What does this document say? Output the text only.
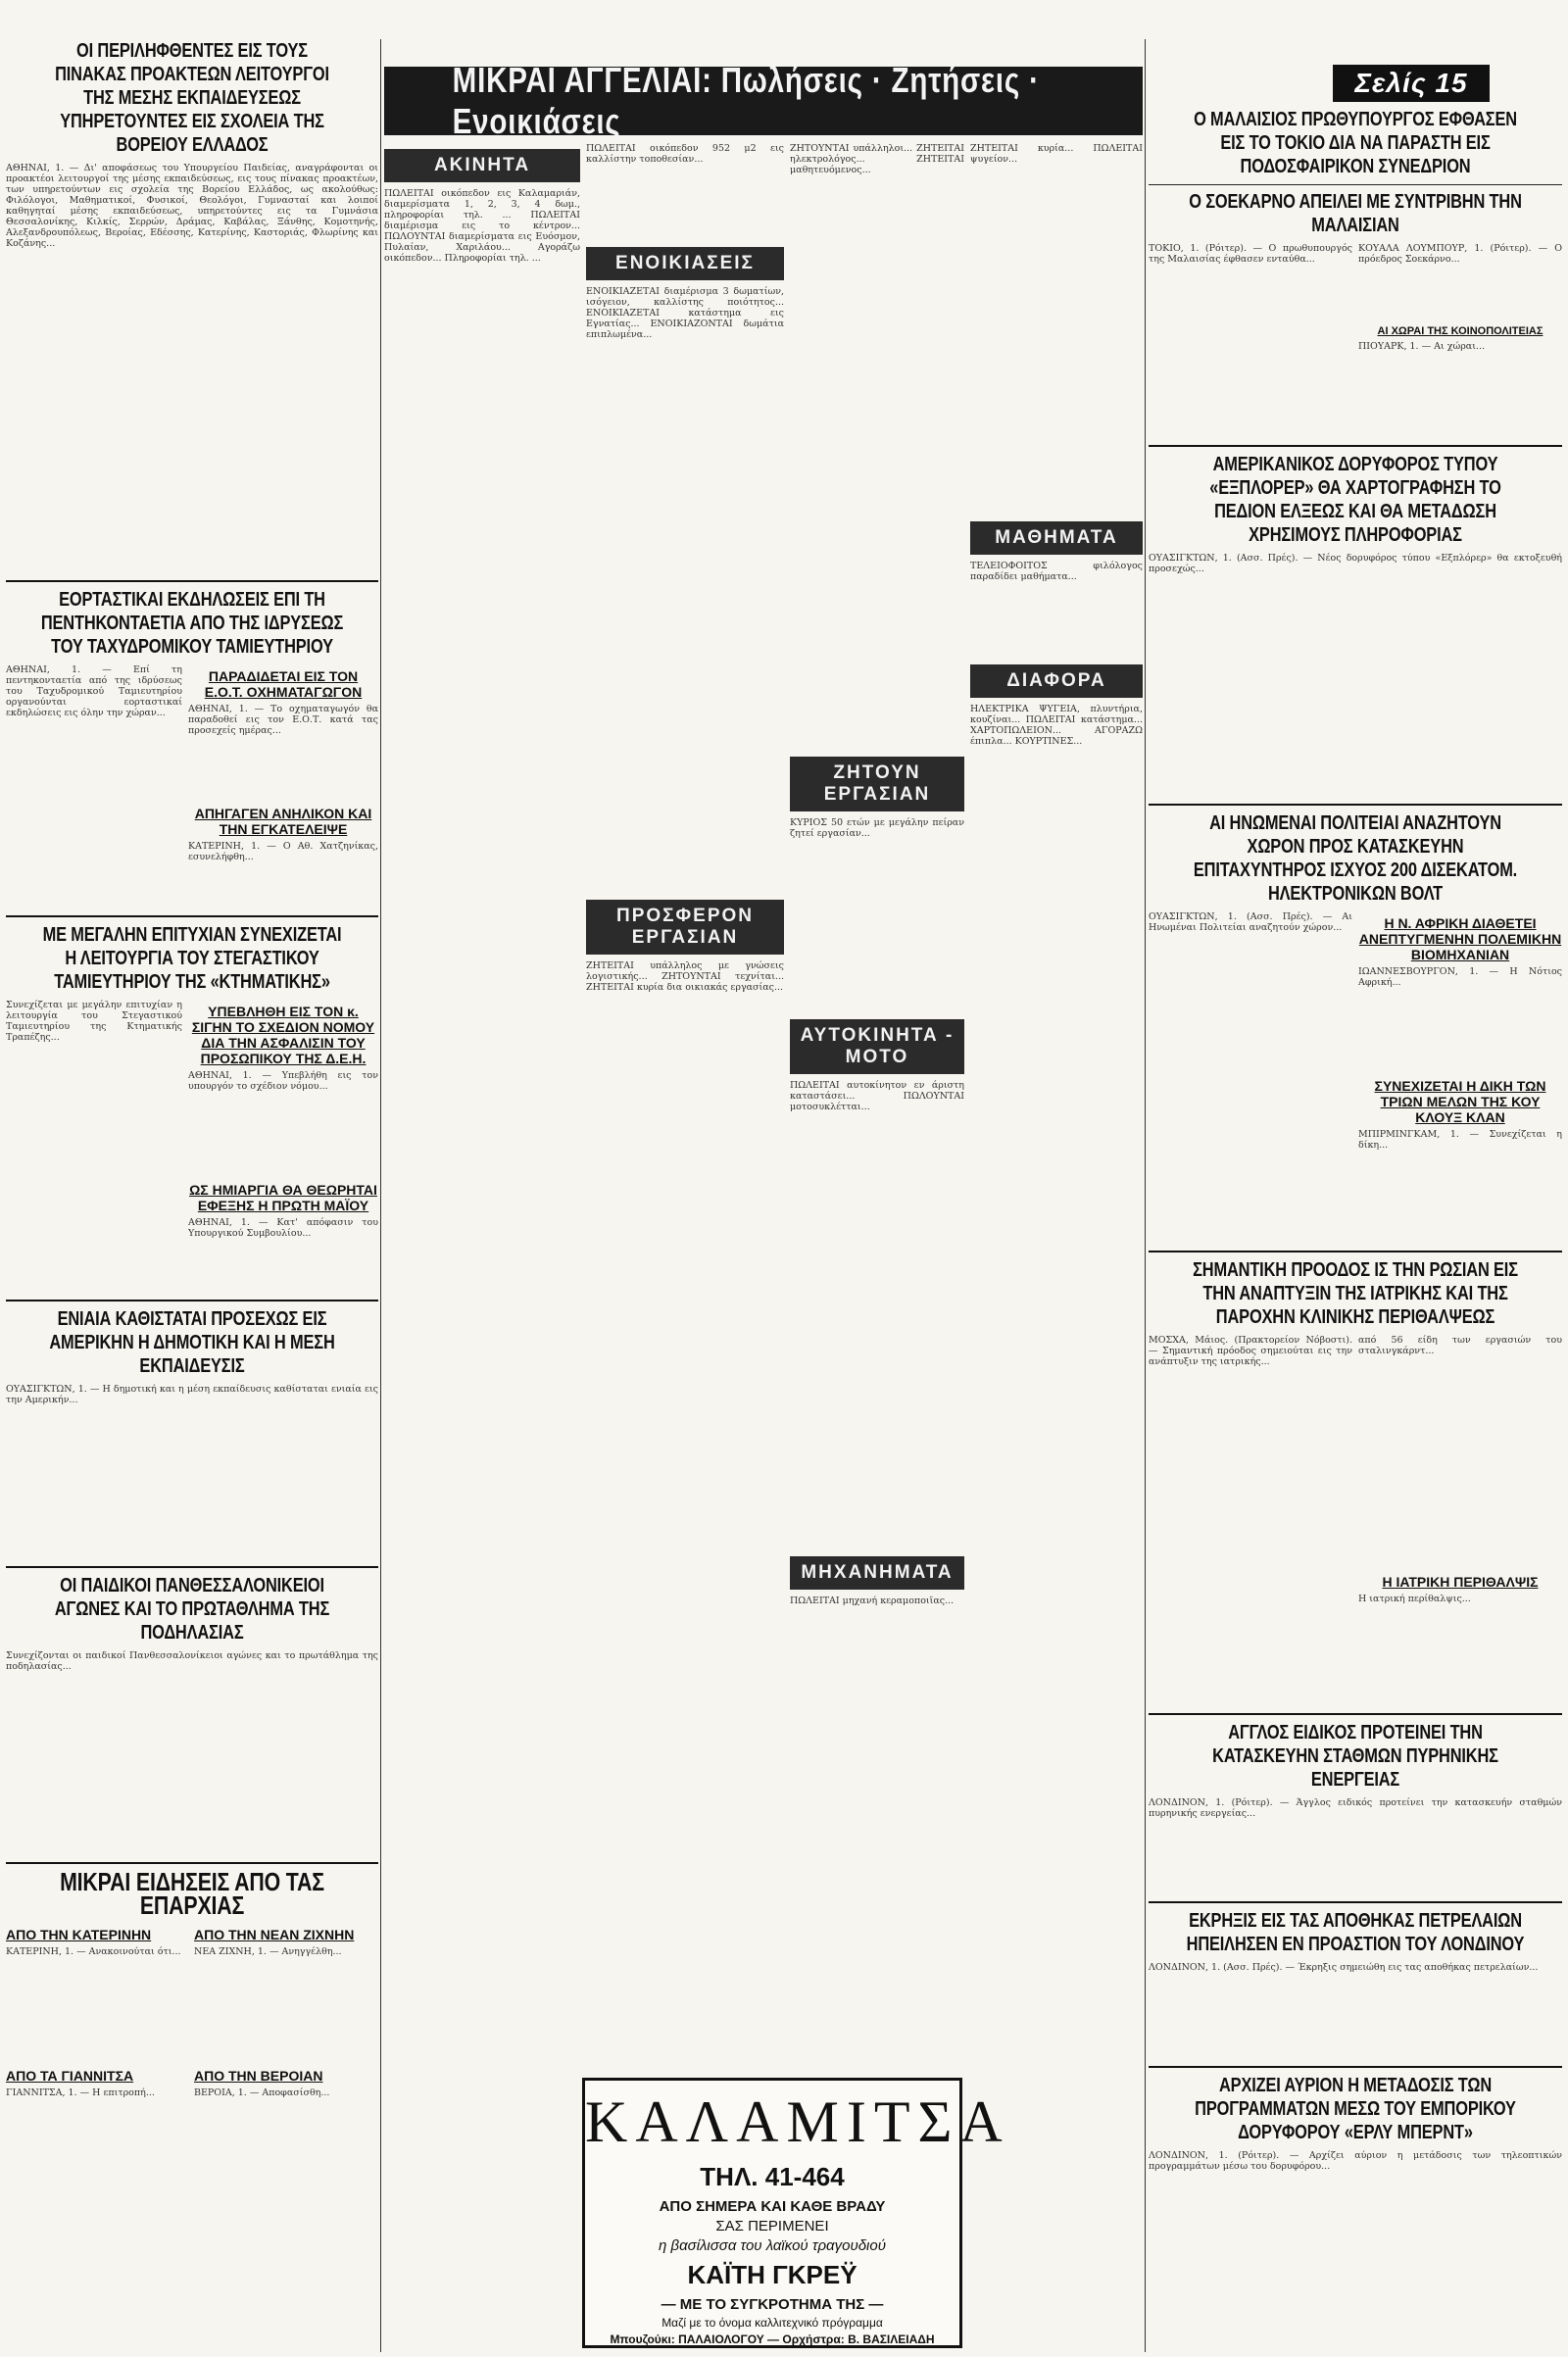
ΟΙ ΠΕΡΙΛΗΦΘΕΝΤΕΣ ΕΙΣ ΤΟΥΣ ΠΙΝΑΚΑΣ ΠΡΟΑΚΤΕΩΝ ΛΕΙΤΟΥΡΓΟΙ ΤΗΣ ΜΕΣΗΣ ΕΚΠΑΙΔΕΥΣΕΩΣ ΥΠΗΡΕΤΟΥΝΤΕΣ ΕΙΣ ΣΧΟΛΕΙΑ ΤΗΣ ΒΟΡΕΙΟΥ ΕΛΛΑΔΟΣ
ΑΘΗΝΑΙ, 1. — Δι' αποφάσεως του Υπουργείου Παιδείας, αναγράφονται οι προακτέοι λειτουργοί της μέσης εκπαιδεύσεως, εις τους πίνακας προακτέων, των υπηρετούντων εις σχολεία της Βορείου Ελλάδος, ως ακολούθως: Φιλόλογοι, Μαθηματικοί, Φυσικοί, Θεολόγοι, Γυμνασταί και λοιποί καθηγηταί μέσης εκπαιδεύσεως, υπηρετούντες εις τα Γυμνάσια Θεσσαλονίκης, Κιλκίς, Σερρών, Δράμας, Καβάλας, Ξάνθης, Κομοτηνής, Αλεξανδρουπόλεως, Βεροίας, Εδέσσης, Κατερίνης, Καστοριάς, Φλωρίνης και Κοζάνης...
ΕΟΡΤΑΣΤΙΚΑΙ ΕΚΔΗΛΩΣΕΙΣ ΕΠΙ ΤΗ ΠΕΝΤΗΚΟΝΤΑΕΤΙΑ ΑΠΟ ΤΗΣ ΙΔΡΥΣΕΩΣ ΤΟΥ ΤΑΧΥΔΡΟΜΙΚΟΥ ΤΑΜΙΕΥΤΗΡΙΟΥ
ΑΘΗΝΑΙ, 1. — Επί τη πεντηκονταετία από της ιδρύσεως του Ταχυδρομικού Ταμιευτηρίου οργανούνται εορταστικαί εκδηλώσεις εις όλην την χώραν...
ΠΑΡΑΔΙΔΕΤΑΙ ΕΙΣ ΤΟΝ Ε.Ο.Τ. ΟΧΗΜΑΤΑΓΩΓΟΝ
ΑΘΗΝΑΙ, 1. — Το οχηματαγωγόν θα παραδοθεί εις τον Ε.Ο.Τ. κατά τας προσεχείς ημέρας...
ΑΠΗΓΑΓΕΝ ΑΝΗΛΙΚΟΝ ΚΑΙ ΤΗΝ ΕΓΚΑΤΕΛΕΙΨΕ
ΚΑΤΕΡΙΝΗ, 1. — Ο Αθ. Χατζηνίκας, εσυνελήφθη...
ΜΕ ΜΕΓΑΛΗΝ ΕΠΙΤΥΧΙΑΝ ΣΥΝΕΧΙΖΕΤΑΙ Η ΛΕΙΤΟΥΡΓΙΑ ΤΟΥ ΣΤΕΓΑΣΤΙΚΟΥ ΤΑΜΙΕΥΤΗΡΙΟΥ ΤΗΣ «ΚΤΗΜΑΤΙΚΗΣ»
Συνεχίζεται με μεγάλην επιτυχίαν η λειτουργία του Στεγαστικού Ταμιευτηρίου της Κτηματικής Τραπέζης...
ΥΠΕΒΛΗΘΗ ΕΙΣ ΤΟΝ κ. ΣΙΓΗΝ ΤΟ ΣΧΕΔΙΟΝ ΝΟΜΟΥ ΔΙΑ ΤΗΝ ΑΣΦΑΛΙΣΙΝ ΤΟΥ ΠΡΟΣΩΠΙΚΟΥ ΤΗΣ Δ.Ε.Η.
ΑΘΗΝΑΙ, 1. — Υπεβλήθη εις τον υπουργόν το σχέδιον νόμου...
ΩΣ ΗΜΙΑΡΓΙΑ ΘΑ ΘΕΩΡΗΤΑΙ ΕΦΕΞΗΣ Η ΠΡΩΤΗ ΜΑΪΟΥ
ΑΘΗΝΑΙ, 1. — Κατ' απόφασιν του Υπουργικού Συμβουλίου...
ΕΝΙΑΙΑ ΚΑΘΙΣΤΑΤΑΙ ΠΡΟΣΕΧΩΣ ΕΙΣ ΑΜΕΡΙΚΗΝ Η ΔΗΜΟΤΙΚΗ ΚΑΙ Η ΜΕΣΗ ΕΚΠΑΙΔΕΥΣΙΣ
ΟΥΑΣΙΓΚΤΩΝ, 1. — Η δημοτική και η μέση εκπαίδευσις καθίσταται ενιαία εις την Αμερικήν...
ΟΙ ΠΑΙΔΙΚΟΙ ΠΑΝΘΕΣΣΑΛΟΝΙΚΕΙΟΙ ΑΓΩΝΕΣ ΚΑΙ ΤΟ ΠΡΩΤΑΘΛΗΜΑ ΤΗΣ ΠΟΔΗΛΑΣΙΑΣ
Συνεχίζονται οι παιδικοί Πανθεσσαλονίκειοι αγώνες και το πρωτάθλημα της ποδηλασίας...
ΜΙΚΡΑΙ ΕΙΔΗΣΕΙΣ ΑΠΟ ΤΑΣ ΕΠΑΡΧΙΑΣ
ΑΠΟ ΤΗΝ ΚΑΤΕΡΙΝΗΝ
ΚΑΤΕΡΙΝΗ, 1. — Ανακοινούται ότι...
ΑΠΟ ΤΑ ΓΙΑΝΝΙΤΣΑ
ΓΙΑΝΝΙΤΣΑ, 1. — Η επιτροπή...
ΑΠΟ ΤΗΝ ΝΕΑΝ ΖΙΧΝΗΝ
ΝΕΑ ΖΙΧΝΗ, 1. — Ανηγγέλθη...
ΑΠΟ ΤΗΝ ΒΕΡΟΙΑΝ
ΒΕΡΟΙΑ, 1. — Αποφασίσθη...
ΜΙΚΡΑΙ ΑΓΓΕΛΙΑΙ: Πωλήσεις · Ζητήσεις · Ενοικιάσεις
ΑΚΙΝΗΤΑ
ΠΩΛΕΙΤΑΙ οικόπεδον εις Καλαμαριάν, διαμερίσματα 1, 2, 3, 4 δωμ., πληροφορίαι τηλ. ... ΠΩΛΕΙΤΑΙ διαμέρισμα εις το κέντρον... ΠΩΛΟΥΝΤΑΙ διαμερίσματα εις Ευόσμον, Πυλαίαν, Χαριλάου... Αγοράζω οικόπεδον... Πληροφορίαι τηλ. ...
ΠΩΛΕΙΤΑΙ οικόπεδον 952 μ2 εις καλλίστην τοποθεσίαν...
ΕΝΟΙΚΙΑΣΕΙΣ
ΕΝΟΙΚΙΑΖΕΤΑΙ διαμέρισμα 3 δωματίων, ισόγειον, καλλίστης ποιότητος... ΕΝΟΙΚΙΑΖΕΤΑΙ κατάστημα εις Εγνατίας... ΕΝΟΙΚΙΑΖΟΝΤΑΙ δωμάτια επιπλωμένα...
ΠΡΟΣΦΕΡΟΝ ΕΡΓΑΣΙΑΝ
ΖΗΤΕΙΤΑΙ υπάλληλος με γνώσεις λογιστικής... ΖΗΤΟΥΝΤΑΙ τεχνίται... ΖΗΤΕΙΤΑΙ κυρία δια οικιακάς εργασίας...
ΖΗΤΟΥΝΤΑΙ υπάλληλοι... ΖΗΤΕΙΤΑΙ ηλεκτρολόγος... ΖΗΤΕΙΤΑΙ μαθητευόμενος...
ΖΗΤΟΥΝ ΕΡΓΑΣΙΑΝ
ΚΥΡΙΟΣ 50 ετών με μεγάλην πείραν ζητεί εργασίαν...
ΑΥΤΟΚΙΝΗΤΑ - ΜΟΤΟ
ΠΩΛΕΙΤΑΙ αυτοκίνητον εν άριστη καταστάσει... ΠΩΛΟΥΝΤΑΙ μοτοσυκλέτται...
ΜΗΧΑΝΗΜΑΤΑ
ΠΩΛΕΙΤΑΙ μηχανή κεραμοποιΐας...
ΖΗΤΕΙΤΑΙ κυρία... ΠΩΛΕΙΤΑΙ ψυγείον...
ΜΑΘΗΜΑΤΑ
ΤΕΛΕΙΟΦΟΙΤΟΣ φιλόλογος παραδίδει μαθήματα...
ΔΙΑΦΟΡΑ
ΗΛΕΚΤΡΙΚΑ ΨΥΓΕΙΑ, πλυντήρια, κουζίναι... ΠΩΛΕΙΤΑΙ κατάστημα... ΧΑΡΤΟΠΩΛΕΙΟΝ... ΑΓΟΡΑΖΩ έπιπλα... ΚΟΥΡΤΙΝΕΣ...
Ο ΜΑΛΑΙΣΙΟΣ ΠΡΩΘΥΠΟΥΡΓΟΣ ΕΦΘΑΣΕΝ ΕΙΣ ΤΟ ΤΟΚΙΟ ΔΙΑ ΝΑ ΠΑΡΑΣΤΗ ΕΙΣ ΠΟΔΟΣΦΑΙΡΙΚΟΝ ΣΥΝΕΔΡΙΟΝ
Ο ΣΟΕΚΑΡΝΟ ΑΠΕΙΛΕΙ ΜΕ ΣΥΝΤΡΙΒΗΝ ΤΗΝ ΜΑΛΑΙΣΙΑΝ
ΤΟΚΙΟ, 1. (Ρόιτερ). — Ο πρωθυπουργός της Μαλαισίας έφθασεν ενταύθα...
ΚΟΥΑΛΑ ΛΟΥΜΠΟΥΡ, 1. (Ρόιτερ). — Ο πρόεδρος Σοεκάρνο...
ΑΙ ΧΩΡΑΙ ΤΗΣ ΚΟΙΝΟΠΟΛΙΤΕΙΑΣ
ΠΙΟΥΑΡΚ, 1. — Αι χώραι...
ΑΜΕΡΙΚΑΝΙΚΟΣ ΔΟΡΥΦΟΡΟΣ ΤΥΠΟΥ «ΕΞΠΛΟΡΕΡ» ΘΑ ΧΑΡΤΟΓΡΑΦΗΣΗ ΤΟ ΠΕΔΙΟΝ ΕΛΞΕΩΣ ΚΑΙ ΘΑ ΜΕΤΑΔΩΣΗ ΧΡΗΣΙΜΟΥΣ ΠΛΗΡΟΦΟΡΙΑΣ
ΟΥΑΣΙΓΚΤΩΝ, 1. (Ασσ. Πρές). — Νέος δορυφόρος τύπου «Εξπλόρερ» θα εκτοξευθή προσεχώς...
ΑΙ ΗΝΩΜΕΝΑΙ ΠΟΛΙΤΕΙΑΙ ΑΝΑΖΗΤΟΥΝ ΧΩΡΟΝ ΠΡΟΣ ΚΑΤΑΣΚΕΥΗΝ ΕΠΙΤΑΧΥΝΤΗΡΟΣ ΙΣΧΥΟΣ 200 ΔΙΣΕΚΑΤΟΜ. ΗΛΕΚΤΡΟΝΙΚΩΝ ΒΟΛΤ
ΟΥΑΣΙΓΚΤΩΝ, 1. (Ασσ. Πρές). — Αι Ηνωμέναι Πολιτείαι αναζητούν χώρον...	Η Ν. ΑΦΡΙΚΗ ΔΙΑΘΕΤΕΙ ΑΝΕΠΤΥΓΜΕΝΗΝ ΠΟΛΕΜΙΚΗΝ ΒΙΟΜΗΧΑΝΙΑΝ
ΙΩΑΝΝΕΣΒΟΥΡΓΟΝ, 1. — Η Νότιος Αφρική...
ΣΥΝΕΧΙΖΕΤΑΙ Η ΔΙΚΗ ΤΩΝ ΤΡΙΩΝ ΜΕΛΩΝ ΤΗΣ ΚΟΥ ΚΛΟΥΞ ΚΛΑΝ
ΜΠΙΡΜΙΝΓΚΑΜ, 1. — Συνεχίζεται η δίκη...
ΣΗΜΑΝΤΙΚΗ ΠΡΟΟΔΟΣ ΙΣ ΤΗΝ ΡΩΣΙΑΝ ΕΙΣ ΤΗΝ ΑΝΑΠΤΥΞΙΝ ΤΗΣ ΙΑΤΡΙΚΗΣ ΚΑΙ ΤΗΣ ΠΑΡΟΧΗΝ ΚΛΙΝΙΚΗΣ ΠΕΡΙΘΑΛΨΕΩΣ
ΜΟΣΧΑ, Μάιος. (Πρακτορείον Νόβοστι). — Σημαντική πρόοδος σημειούται εις την ανάπτυξιν της ιατρικής...
από 56 είδη των εργασιών του σταλινγκάρντ...
Η ΙΑΤΡΙΚΗ ΠΕΡΙΘΑΛΨΙΣ
Η ιατρική περίθαλψις...
ΑΓΓΛΟΣ ΕΙΔΙΚΟΣ ΠΡΟΤΕΙΝΕΙ ΤΗΝ ΚΑΤΑΣΚΕΥΗΝ ΣΤΑΘΜΩΝ ΠΥΡΗΝΙΚΗΣ ΕΝΕΡΓΕΙΑΣ
ΛΟΝΔΙΝΟΝ, 1. (Ρόιτερ). — Άγγλος ειδικός προτείνει την κατασκευήν σταθμών πυρηνικής ενεργείας...
ΕΚΡΗΞΙΣ ΕΙΣ ΤΑΣ ΑΠΟΘΗΚΑΣ ΠΕΤΡΕΛΑΙΩΝ ΗΠΕΙΛΗΣΕΝ ΕΝ ΠΡΟΑΣΤΙΟΝ ΤΟΥ ΛΟΝΔΙΝΟΥ
ΛΟΝΔΙΝΟΝ, 1. (Ασσ. Πρές). — Έκρηξις σημειώθη εις τας αποθήκας πετρελαίων...
ΑΡΧΙΖΕΙ ΑΥΡΙΟΝ Η ΜΕΤΑΔΟΣΙΣ ΤΩΝ ΠΡΟΓΡΑΜΜΑΤΩΝ ΜΕΣΩ ΤΟΥ ΕΜΠΟΡΙΚΟΥ ΔΟΡΥΦΟΡΟΥ «ΕΡΛΥ ΜΠΕΡΝΤ»
ΛΟΝΔΙΝΟΝ, 1. (Ρόιτερ). — Αρχίζει αύριον η μετάδοσις των τηλεοπτικών προγραμμάτων μέσω του δορυφόρου...
Σελίς 15
ΚΑΛΑΜΙΤΣΑ
ΤΗΛ. 41-464
ΑΠΟ ΣΗΜΕΡΑ ΚΑΙ ΚΑΘΕ ΒΡΑΔΥ
ΣΑΣ ΠΕΡΙΜΕΝΕΙ
η βασίλισσα του λαϊκού τραγουδιού
ΚΑΪΤΗ ΓΚΡΕΫ
— ΜΕ ΤΟ ΣΥΓΚΡΟΤΗΜΑ ΤΗΣ —
Μαζί με το όνομα καλλιτεχνικό πρόγραμμα
Μπουζούκι: ΠΑΛΑΙΟΛΟΓΟΥ — Ορχήστρα: Β. ΒΑΣΙΛΕΙΑΔΗ
